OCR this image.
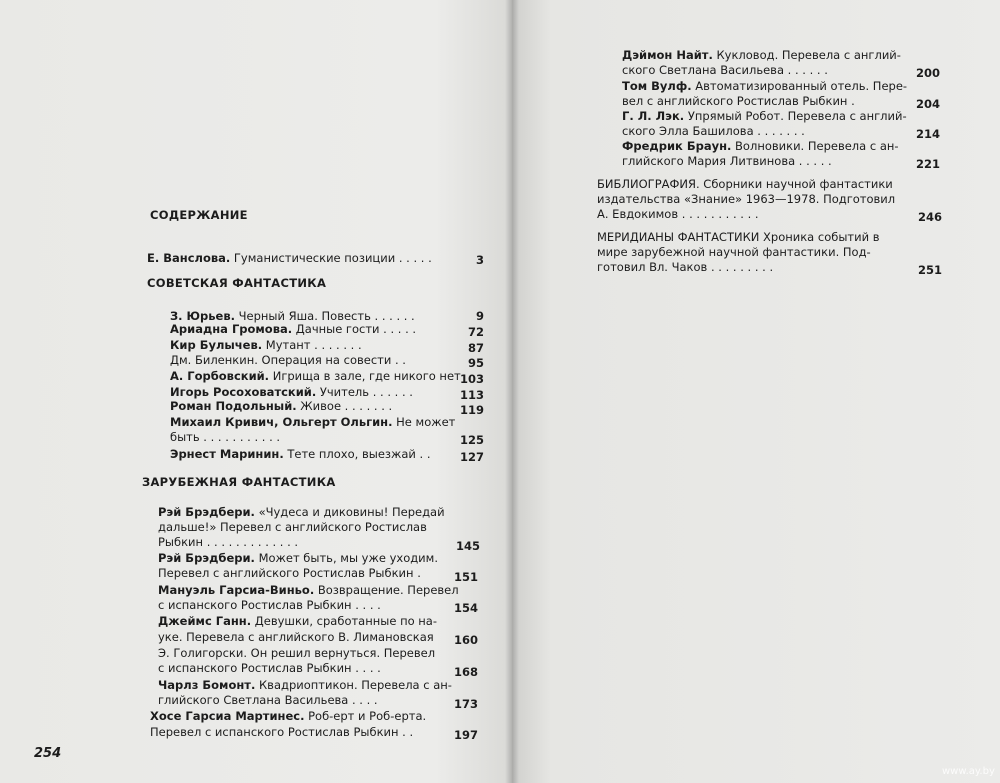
СОДЕРЖАНИЕ
Е. Ванслова. Гуманистические позиции . . . . .	3
СОВЕТСКАЯ ФАНТАСТИКА
З. Юрьев. Черный Яша. Повесть . . . . . .	9
Ариадна Громова. Дачные гости . . . . .	72
Кир Булычев. Мутант . . . . . . .	87
Дм. Биленкин. Операция на совести . .	95
А. Горбовский. Игрища в зале, где никого нет 103
Игорь Росоховатский. Учитель . . . . . .	113
Роман Подольный. Живое . . . . . . .	119
Михаил Кривич, Ольгерт Ольгин. Не может
быть . . . . . . . . . . .	125
Эрнест Маринин. Тете плохо, выезжай . .	127
ЗАРУБЕЖНАЯ ФАНТАСТИКА
Рэй Брэдбери. «Чудеса и диковины! Передай
дальше!» Перевел с английского Ростислав
Рыбкин . . . . . . . . . . . . .	145
Рэй Брэдбери. Может быть, мы уже уходим.
Перевел с английского Ростислав Рыбкин .	151
Мануэль Гарсиа-Виньо. Возвращение. Перевел
с испанского Ростислав Рыбкин . . . .	154
Джеймс Ганн. Девушки, сработанные по на-
уке. Перевела с английского В. Лимановская	160
Э. Голигорски. Он решил вернуться. Перевел
с испанского Ростислав Рыбкин . . . .	168
Чарлз Бомонт. Квадриоптикон. Перевела с ан-
глийского Светлана Васильева . . . .	173
Хосе Гарсиа Мартинес. Роб-ерт и Роб-ерта.
Перевел с испанского Ростислав Рыбкин . .	197
254
Дэймон Найт. Кукловод. Перевела с англий-
ского Светлана Васильева . . . . . .	200
Том Вулф. Автоматизированный отель. Пере-
вел с английского Ростислав Рыбкин .	204
Г. Л. Лэк. Упрямый Робот. Перевела с англий-
ского Элла Башилова . . . . . . .	214
Фредрик Браун. Волновики. Перевела с ан-
глийского Мария Литвинова . . . . .	221
БИБЛИОГРАФИЯ. Сборники научной фантастики
издательства «Знание» 1963—1978. Подготовил
А. Евдокимов . . . . . . . . . . .	246
МЕРИДИАНЫ ФАНТАСТИКИ Хроника событий в
мире зарубежной научной фантастики. Под-
готовил Вл. Чаков . . . . . . . . .	251
www.ay.by
